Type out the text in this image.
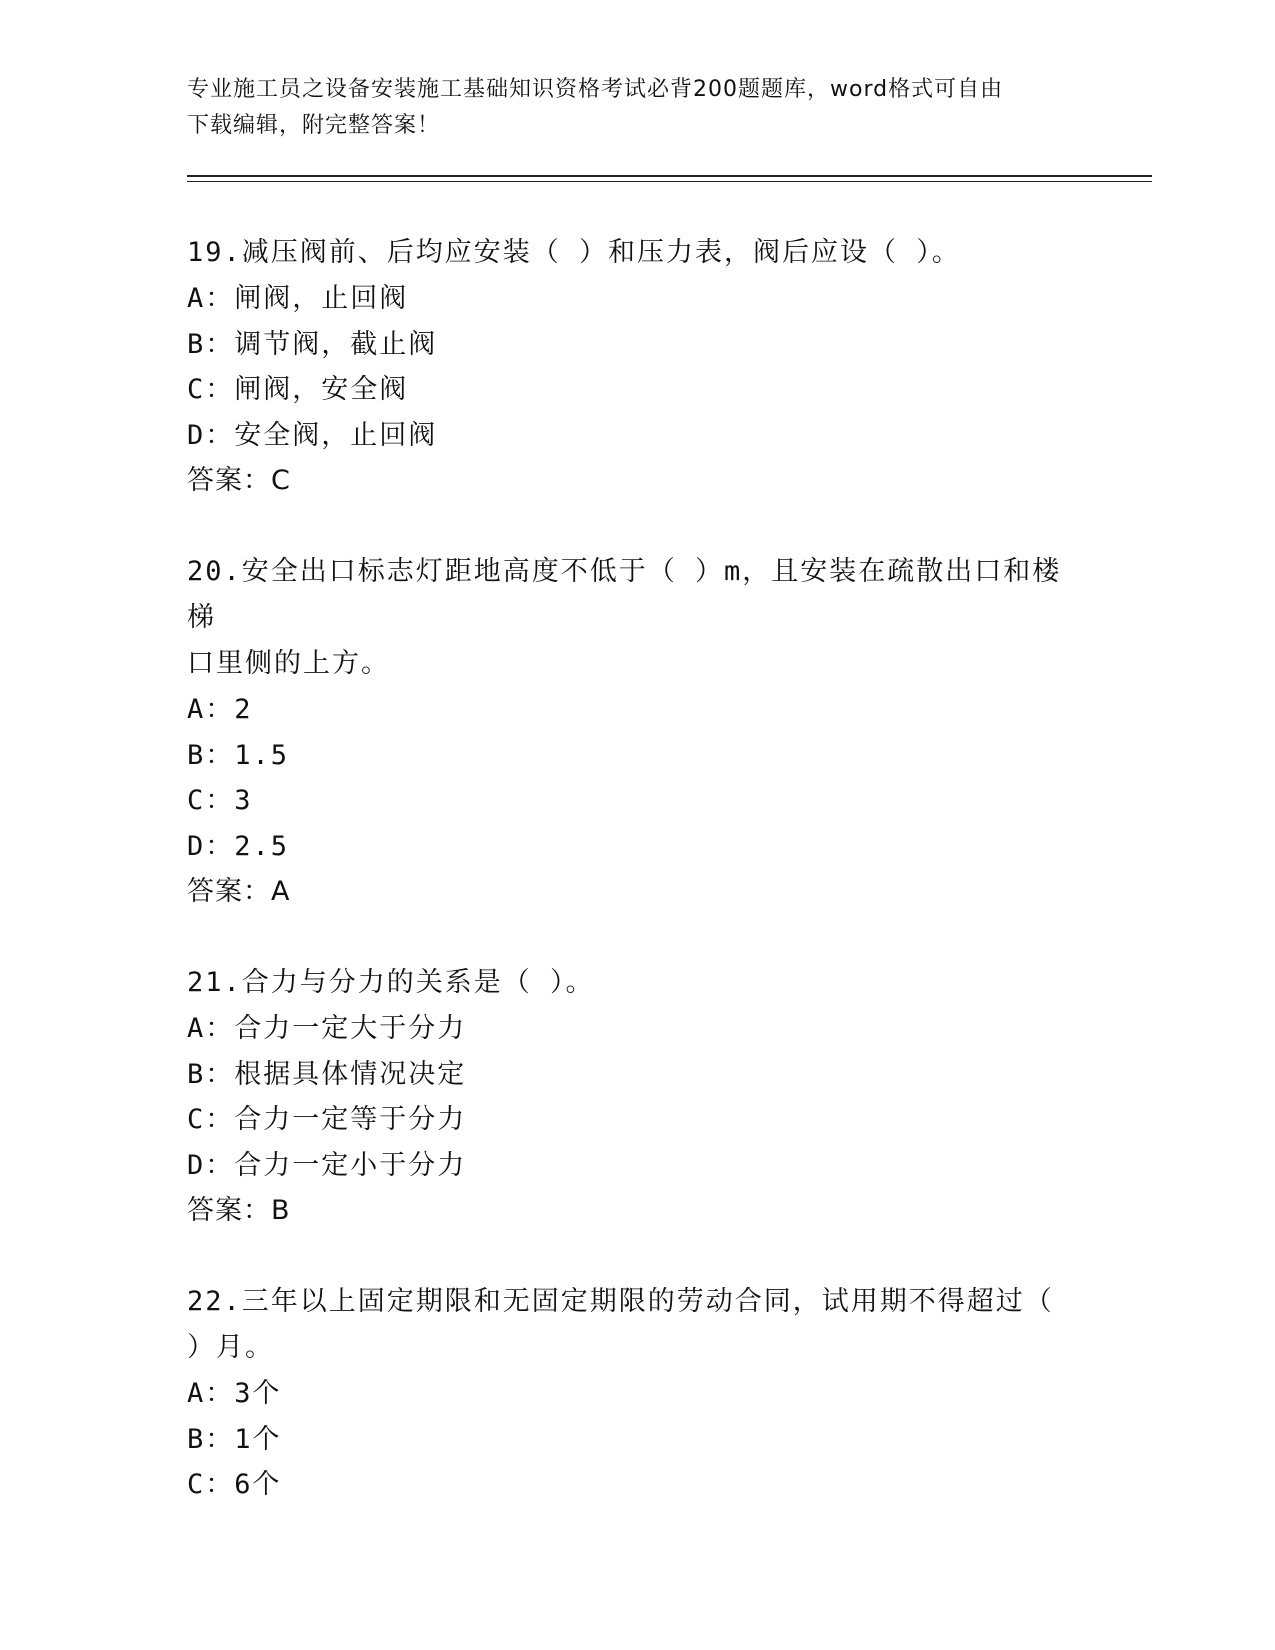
专业施工员之设备安装施工基础知识资格考试必背200题题库，word格式可自由
下载编辑，附完整答案！

19.减压阀前、后均应安装（ ）和压力表，阀后应设（ ）。

A：闸阀，止回阀

B：调节阀，截止阀

C：闸阀，安全阀

D：安全阀，止回阀

答案：C

20.安全出口标志灯距地高度不低于（ ）m，且安装在疏散出口和楼梯

口里侧的上方。

A：2

B：1.5

C：3

D：2.5

答案：A

21.合力与分力的关系是（ ）。

A：合力一定大于分力

B：根据具体情况决定

C：合力一定等于分力

D：合力一定小于分力

答案：B

22.三年以上固定期限和无固定期限的劳动合同，试用期不得超过（

）月。

A：3个

B：1个

C：6个
